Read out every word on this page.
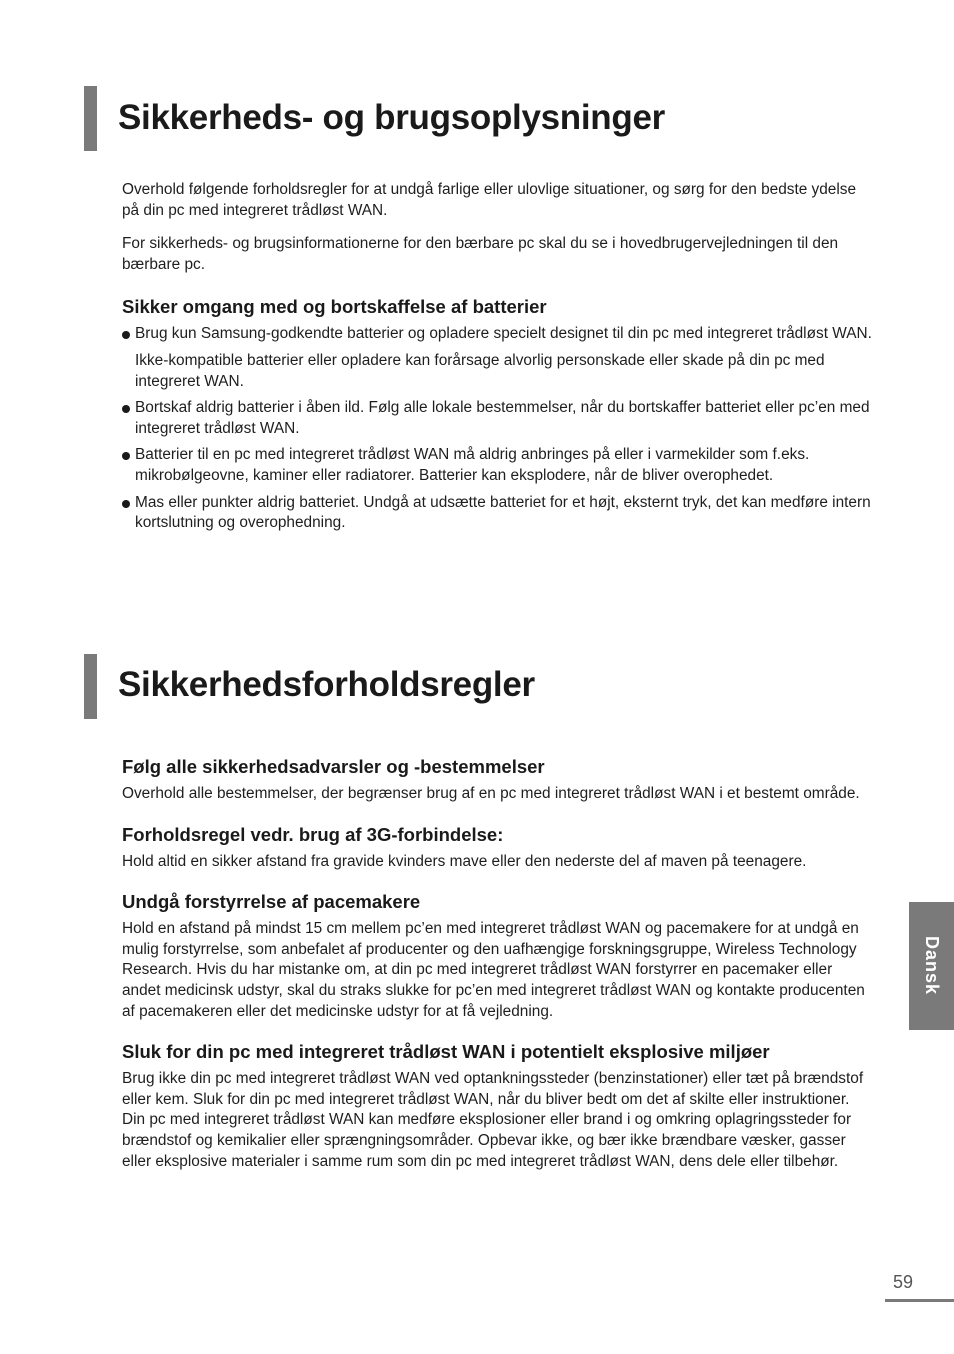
Sikkerheds- og brugsoplysninger

Overhold følgende forholdsregler for at undgå farlige eller ulovlige situationer, og sørg for den bedste ydelse på din pc med integreret trådløst WAN.

For sikkerheds- og brugsinformationerne for den bærbare pc skal du se i hovedbrugervejledningen til den bærbare pc.

Sikker omgang med og bortskaffelse af batterier

Brug kun Samsung-godkendte batterier og opladere specielt designet til din pc med integreret trådløst WAN.

Ikke-kompatible batterier eller opladere kan forårsage alvorlig personskade eller skade på din pc med integreret WAN.

Bortskaf aldrig batterier i åben ild. Følg alle lokale bestemmelser, når du bortskaffer batteriet eller pc’en med integreret trådløst WAN.

Batterier til en pc med integreret trådløst WAN må aldrig anbringes på eller i varmekilder som f.eks. mikrobølgeovne, kaminer eller radiatorer. Batterier kan eksplodere, når de bliver overophedet.

Mas eller punkter aldrig batteriet. Undgå at udsætte batteriet for et højt, eksternt tryk, det kan medføre intern kortslutning og overophedning.

Sikkerhedsforholdsregler
Følg alle sikkerhedsadvarsler og -bestemmelser

Overhold alle bestemmelser, der begrænser brug af en pc med integreret trådløst WAN i et bestemt område.

Forholdsregel vedr. brug af 3G-forbindelse:

Hold altid en sikker afstand fra gravide kvinders mave eller den nederste del af maven på teenagere.

Undgå forstyrrelse af pacemakere

Hold en afstand på mindst 15 cm mellem pc’en med integreret trådløst WAN og pacemakere for at undgå en mulig forstyrrelse, som anbefalet af producenter og den uafhængige forskningsgruppe, Wireless Technology Research. Hvis du har mistanke om, at din pc med integreret trådløst WAN forstyrrer en pacemaker eller andet medicinsk udstyr, skal du straks slukke for pc’en med integreret trådløst WAN og kontakte producenten af pacemakeren eller det medicinske udstyr for at få vejledning.

Sluk for din pc med integreret trådløst WAN i potentielt eksplosive miljøer

Brug ikke din pc med integreret trådløst WAN ved optankningssteder (benzinstationer) eller tæt på brændstof eller kem. Sluk for din pc med integreret trådløst WAN, når du bliver bedt om det af skilte eller instruktioner. Din pc med integreret trådløst WAN kan medføre eksplosioner eller brand i og omkring oplagringssteder for brændstof og kemikalier eller sprængningsområder. Opbevar ikke, og bær ikke brændbare væsker, gasser eller eksplosive materialer i samme rum som din pc med integreret trådløst WAN, dens dele eller tilbehør.

Dansk
59
